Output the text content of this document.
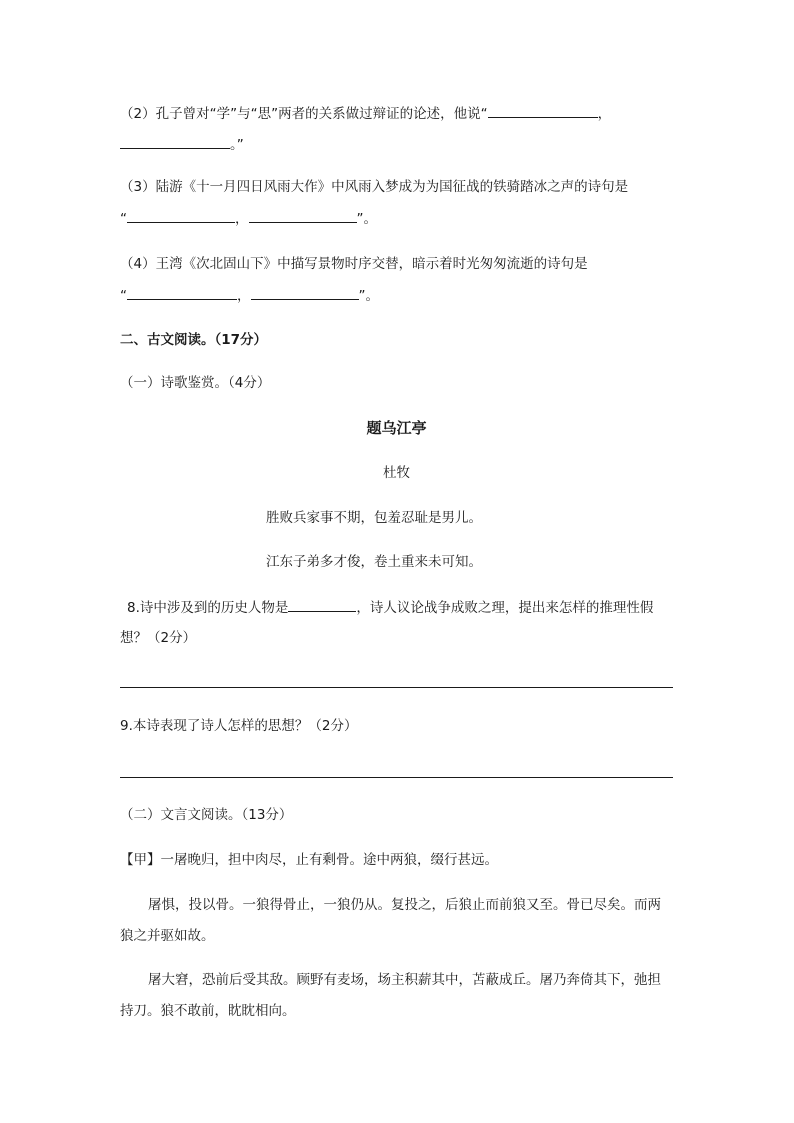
（2）孔子曾对“学”与“思”两者的关系做过辩证的论述，他说“	，
。”
（3）陆游《十一月四日风雨大作》中风雨入梦成为为国征战的铁骑踏冰之声的诗句是
“	，	”。
（4）王湾《次北固山下》中描写景物时序交替，暗示着时光匆匆流逝的诗句是
“	，	”。
二、古文阅读。（17分）
（一）诗歌鉴赏。（4分）
题乌江亭
杜牧
胜败兵家事不期，包羞忍耻是男儿。
江东子弟多才俊，卷土重来未可知。
8.诗中涉及到的历史人物是	，诗人议论战争成败之理，提出来怎样的推理性假
想？（2分）
9.本诗表现了诗人怎样的思想？（2分）
（二）文言文阅读。（13分）
【甲】一屠晚归，担中肉尽，止有剩骨。途中两狼，缀行甚远。
屠惧，投以骨。一狼得骨止，一狼仍从。复投之，后狼止而前狼又至。骨已尽矣。而两
狼之并驱如故。
屠大窘，恐前后受其敌。顾野有麦场，场主积薪其中，苫蔽成丘。屠乃奔倚其下，弛担
持刀。狼不敢前，眈眈相向。
